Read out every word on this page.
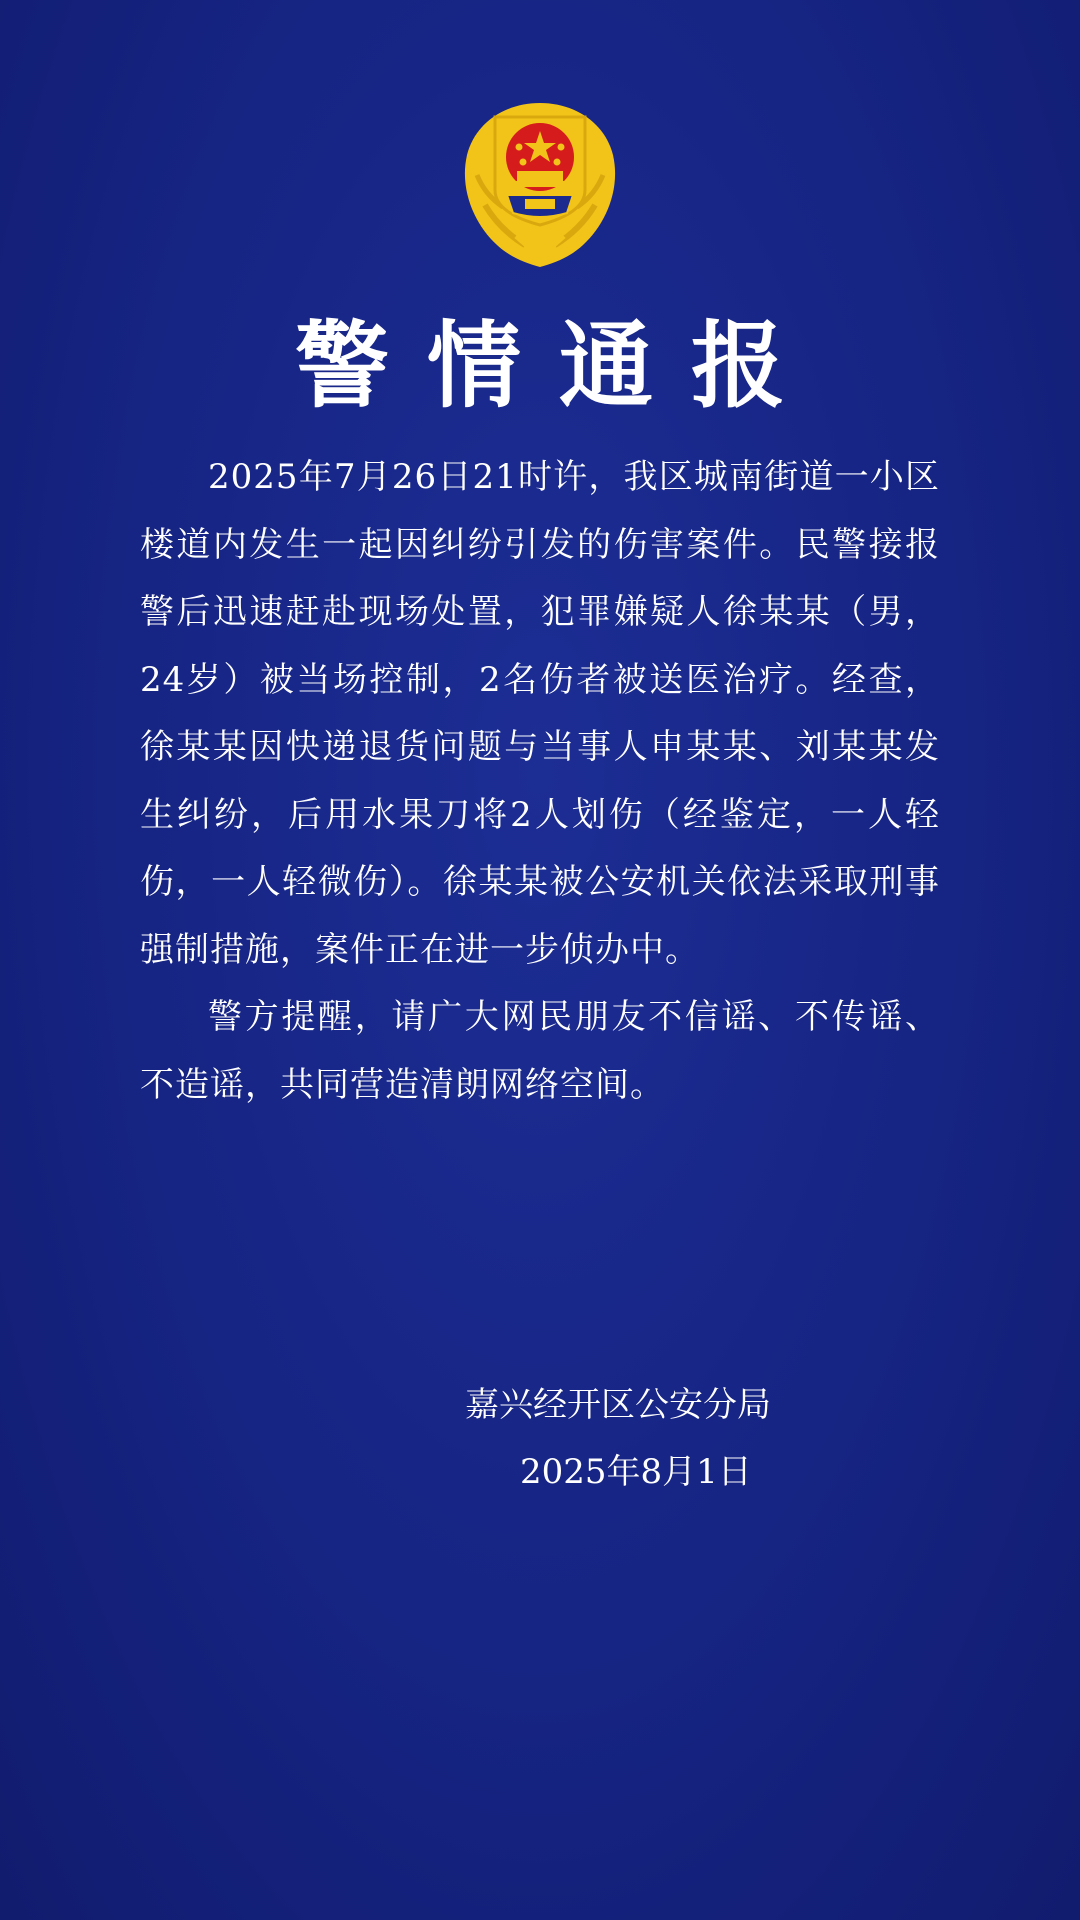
警情通报

2025年7月26日21时许，我区城南街道一小区楼道内发生一起因纠纷引发的伤害案件。民警接报警后迅速赶赴现场处置，犯罪嫌疑人徐某某（男，24岁）被当场控制，2名伤者被送医治疗。经查，徐某某因快递退货问题与当事人申某某、刘某某发生纠纷，后用水果刀将2人划伤（经鉴定，一人轻伤，一人轻微伤）。徐某某被公安机关依法采取刑事强制措施，案件正在进一步侦办中。

警方提醒，请广大网民朋友不信谣、不传谣、不造谣，共同营造清朗网络空间。

嘉兴经开区公安分局
2025年8月1日
